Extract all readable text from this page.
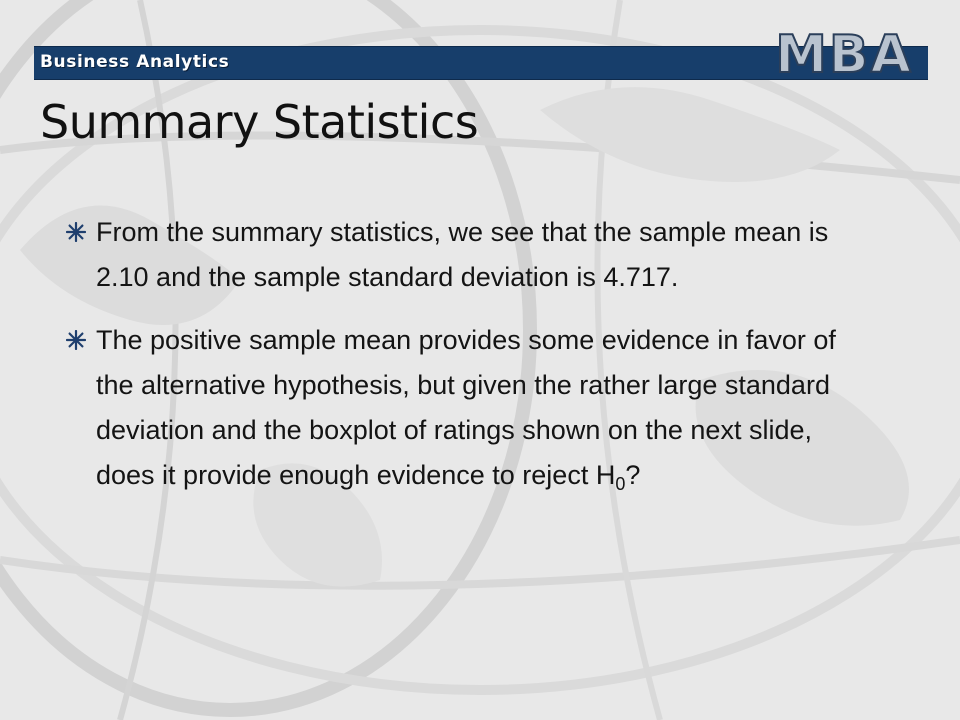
Business Analytics	MBA
Summary Statistics
From the summary statistics, we see that the sample mean is 2.10 and the sample standard deviation is 4.717.
The positive sample mean provides some evidence in favor of the alternative hypothesis, but given the rather large standard deviation and the boxplot of ratings shown on the next slide, does it provide enough evidence to reject $H_0$?
